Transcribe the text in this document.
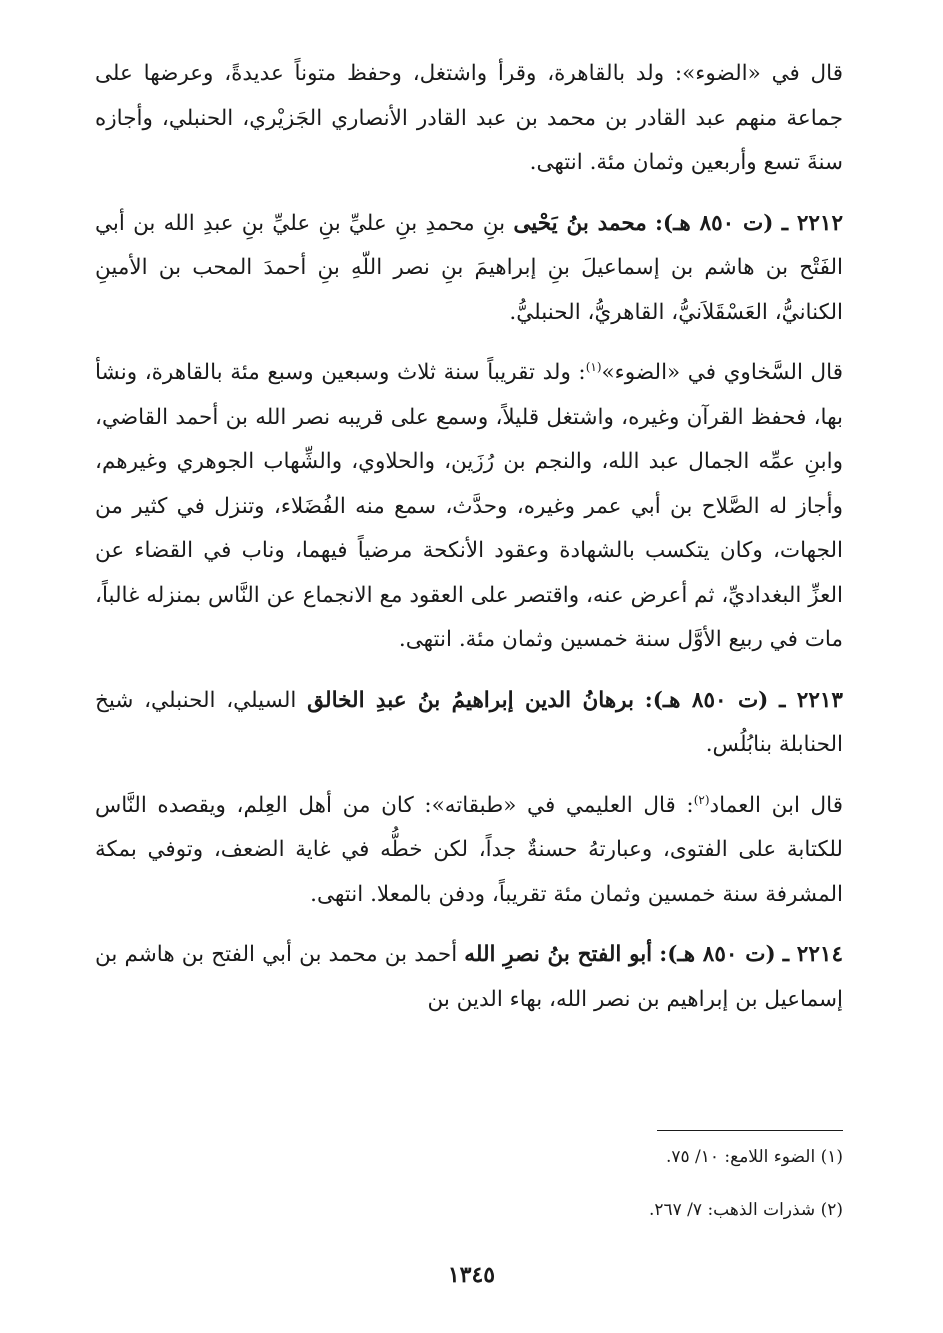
قال في «الضوء»: ولد بالقاهرة، وقرأ واشتغل، وحفظ متوناً عديدةً، وعرضها على جماعة منهم عبد القادر بن محمد بن عبد القادر الأنصاري الجَزيْري، الحنبلي، وأجازه سنةَ تسع وأربعين وثمان مئة. انتهى.

٢٢١٢ ـ (ت ٨٥٠ هـ): محمد بنُ يَحْيى بنِ محمدِ بنِ عليِّ بنِ عليِّ بنِ عبدِ الله بن أبي الفَتْح بن هاشم بن إسماعيلَ بنِ إبراهيمَ بنِ نصر اللّهِ بنِ أحمدَ المحب بن الأمينِ الكنانيُّ، العَسْقَلاَنيُّ، القاهريُّ، الحنبليُّ.

قال السَّخاوي في «الضوء»$^{(١)}$: ولد تقريباً سنة ثلاث وسبعين وسبع مئة بالقاهرة، ونشأ بها، فحفظ القرآن وغيره، واشتغل قليلاً، وسمع على قريبه نصر الله بن أحمد القاضي، وابنِ عمِّه الجمال عبد الله، والنجم بن رُزَين، والحلاوي، والشِّهاب الجوهري وغيرهم، وأجاز له الصَّلاح بن أبي عمر وغيره، وحدَّث، سمع منه الفُضَلاء، وتنزل في كثير من الجهات، وكان يتكسب بالشهادة وعقود الأنكحة مرضياً فيهما، وناب في القضاء عن العزِّ البغداديِّ، ثم أعرض عنه، واقتصر على العقود مع الانجماع عن النَّاس بمنزله غالباً، مات في ربيع الأوَّل سنة خمسين وثمان مئة. انتهى.

٢٢١٣ ـ (ت ٨٥٠ هـ): برهانُ الدين إبراهيمُ بنُ عبدِ الخالق السيلي، الحنبلي، شيخ الحنابلة بنابُلُس.

قال ابن العماد$^{(٢)}$: قال العليمي في «طبقاته»: كان من أهل العِلم، ويقصده النَّاس للكتابة على الفتوى، وعبارتهُ حسنةٌ جداً، لكن خطُّه في غاية الضعف، وتوفي بمكة المشرفة سنة خمسين وثمان مئة تقريباً، ودفن بالمعلا. انتهى.

٢٢١٤ ـ (ت ٨٥٠ هـ): أبو الفتح بنُ نصرِ الله أحمد بن محمد بن أبي الفتح بن هاشم بن إسماعيل بن إبراهيم بن نصر الله، بهاء الدين بن

(١) الضوء اللامع: ١٠/ ٧٥.
(٢) شذرات الذهب: ٧/ ٢٦٧.
١٣٤٥
